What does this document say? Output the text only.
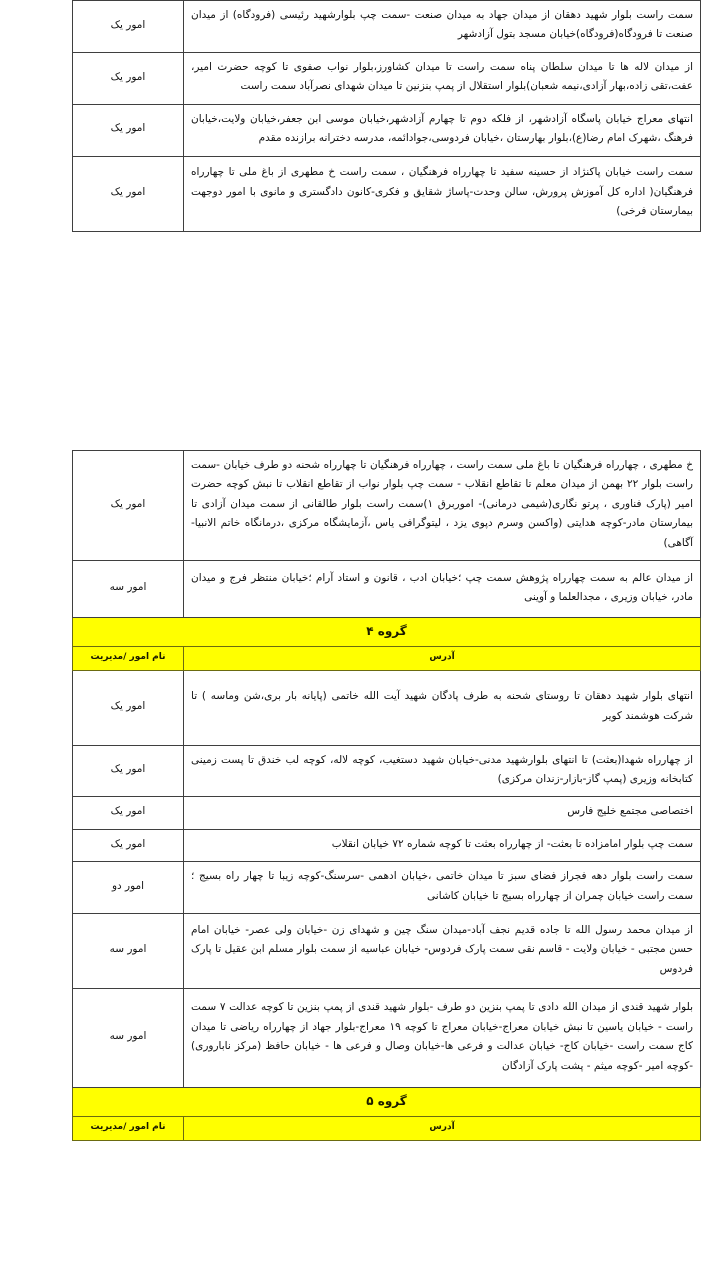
سمت راست بلوار شهید دهقان از میدان جهاد به میدان صنعت -سمت چپ بلوارشهید رئیسی (فرودگاه) از میدان صنعت تا فرودگاه(فرودگاه)خیابان مسجد بتول آزادشهر	امور یک
از میدان لاله ها تا میدان سلطان پناه سمت راست تا میدان کشاورز،بلوار نواب صفوی تا کوچه حضرت امیر، عفت،تقی زاده،بهار آزادی،نیمه شعبان)بلوار استقلال از پمپ بنزنین تا میدان شهدای نصرآباد سمت راست	امور یک
انتهای معراج خیابان پاسگاه آزادشهر، از فلکه دوم تا چهارم آزادشهر،خیابان موسی ابن جعفر،خیابان ولایت،خیابان فرهنگ ،شهرک امام رضا(ع)،بلوار بهارستان ،خیابان فردوسی،جوادائمه، مدرسه دخترانه برازنده مقدم	امور یک
سمت راست خیابان پاکنژاد از حسینه سفید تا چهارراه فرهنگیان ، سمت راست خ مطهری از باغ ملی تا چهارراه فرهنگیان( اداره کل آموزش پرورش، سالن وحدت-پاساژ شقایق و فکری-کانون دادگستری و مانوی با امور دوجهت بیمارستان فرخی)	امور یک
خ مطهری ، چهارراه فرهنگیان تا باغ ملی سمت راست ، چهارراه فرهنگیان تا چهارراه شحنه دو طرف خیابان -سمت راست بلوار ۲۲ بهمن از میدان معلم تا تقاطع انقلاب - سمت چپ بلوار نواب از تقاطع انقلاب تا نبش کوچه حضرت امیر (پارک فناوری ، پرتو نگاری(شیمی درمانی)- اموربرق ۱)سمت راست بلوار طالقانی از سمت میدان آزادی تا بیمارستان مادر-کوچه هدایتی (واکسن وسرم دپوی یزد ، لیتوگرافی یاس ،آزمایشگاه مرکزی ،درمانگاه خاتم الانبیا-آگاهی)	امور یک
از میدان عالم به سمت چهارراه پژوهش سمت چپ ؛خیابان ادب ، قانون و استاد آرام ؛خیابان منتظر فرج و میدان مادر، خیابان وزیری ، مجدالعلما و آوینی	امور سه
گروه ۴	
آدرس	نام امور /مدیریت
انتهای بلوار شهید دهقان تا روستای شحنه به طرف پادگان شهید آیت الله خاتمی (پایانه بار بری،شن وماسه ) تا شرکت هوشمند کویر	امور یک
از چهارراه شهدا(بعثت) تا انتهای بلوارشهید مدنی-خیابان شهید دستغیب، کوچه لاله، کوچه لب خندق تا پست زمینی کتابخانه وزیری (پمپ گاز-بازار-زندان مرکزی)	امور یک
اختصاصی مجتمع خلیج فارس	امور یک
سمت چپ بلوار امامزاده تا بعثت- از چهارراه بعثت تا کوچه شماره ۷۲ خیابان انقلاب	امور یک
سمت راست بلوار دهه فجراز فضای سبز تا میدان خاتمی ،خیابان ادهمی -سرسنگ-کوچه زیبا تا چهار راه بسیج ؛سمت راست خیابان چمران از چهارراه بسیج تا خیابان کاشانی	امور دو
از میدان محمد رسول الله تا جاده قدیم نجف آباد-میدان سنگ چین و شهدای زن -خیابان ولی عصر- خیابان امام حسن مجتبی - خیابان ولایت - قاسم نقی سمت پارک فردوس- خیابان عباسیه از سمت بلوار مسلم ابن عقیل تا پارک فردوس	امور سه
بلوار شهید قندی از میدان الله دادی تا پمپ بنزین دو طرف -بلوار شهید قندی از پمپ بنزین تا کوچه عدالت ۷ سمت راست - خیابان یاسین تا نبش خیابان معراج-خیابان معراج تا کوچه ۱۹ معراج-بلوار جهاد از چهارراه ریاضی تا میدان کاج سمت راست -خیابان کاج- خیابان عدالت و فرعی ها-خیابان وصال و فرعی ها - خیابان حافظ (مرکز ناباروری) -کوچه امیر -کوچه میثم - پشت پارک آزادگان	امور سه
گروه ۵	
آدرس	نام امور /مدیریت
